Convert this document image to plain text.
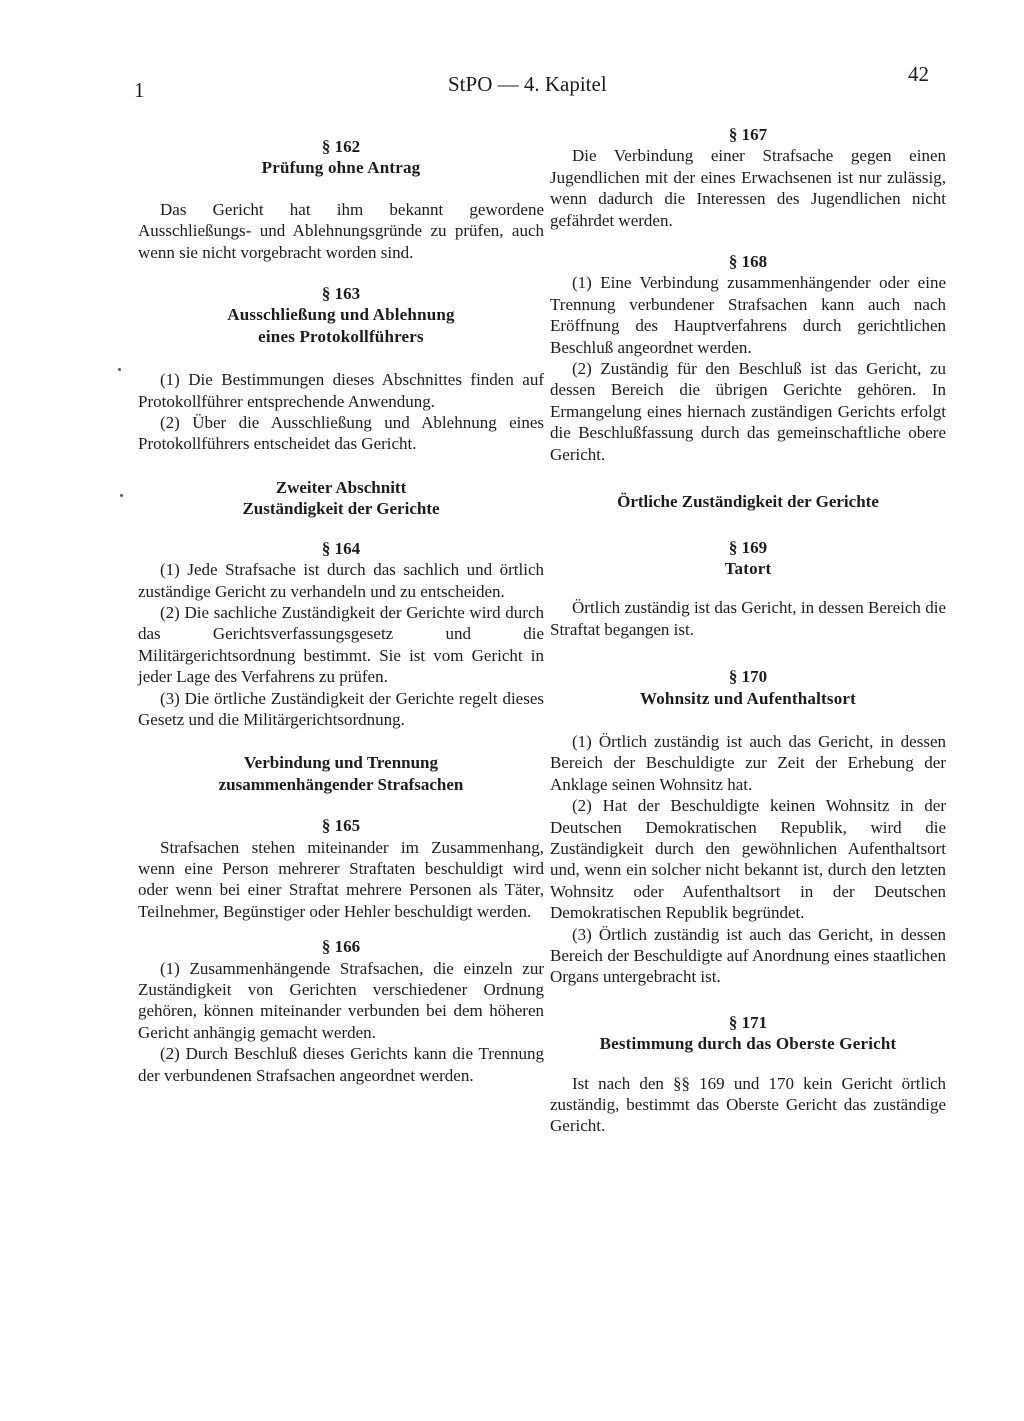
1	StPO — 4. Kapitel	42

§ 162

Prüfung ohne Antrag

Das Gericht hat ihm bekannt gewordene Ausschließungs- und Ablehnungsgründe zu prüfen, auch wenn sie nicht vorgebracht worden sind.

§ 163

Ausschließung und Ablehnung

eines Protokollführers

(1) Die Bestimmungen dieses Abschnittes finden auf Protokollführer entsprechende Anwendung.

(2) Über die Ausschließung und Ablehnung eines Protokollführers entscheidet das Gericht.

Zweiter Abschnitt
Zuständigkeit der Gerichte

§ 164

(1) Jede Strafsache ist durch das sachlich und örtlich zuständige Gericht zu verhandeln und zu entscheiden.

(2) Die sachliche Zuständigkeit der Gerichte wird durch das Gerichtsverfassungsgesetz und die Militärgerichtsordnung bestimmt. Sie ist vom Gericht in jeder Lage des Verfahrens zu prüfen.

(3) Die örtliche Zuständigkeit der Gerichte regelt dieses Gesetz und die Militärgerichtsordnung.

Verbindung und Trennung
zusammenhängender Strafsachen

§ 165

Strafsachen stehen miteinander im Zusammenhang, wenn eine Person mehrerer Straftaten beschuldigt wird oder wenn bei einer Straftat mehrere Personen als Täter, Teilnehmer, Begünstiger oder Hehler beschuldigt werden.

§ 166

(1) Zusammenhängende Strafsachen, die einzeln zur Zuständigkeit von Gerichten verschiedener Ordnung gehören, können miteinander verbunden bei dem höheren Gericht anhängig gemacht werden.

(2) Durch Beschluß dieses Gerichts kann die Trennung der verbundenen Strafsachen angeordnet werden.

§ 167

Die Verbindung einer Strafsache gegen einen Jugendlichen mit der eines Erwachsenen ist nur zulässig, wenn dadurch die Interessen des Jugendlichen nicht gefährdet werden.

§ 168

(1) Eine Verbindung zusammenhängender oder eine Trennung verbundener Strafsachen kann auch nach Eröffnung des Hauptverfahrens durch gerichtlichen Beschluß angeordnet werden.

(2) Zuständig für den Beschluß ist das Gericht, zu dessen Bereich die übrigen Gerichte gehören. In Ermangelung eines hiernach zuständigen Gerichts erfolgt die Beschlußfassung durch das gemeinschaftliche obere Gericht.

Örtliche Zuständigkeit der Gerichte

§ 169

Tatort

Örtlich zuständig ist das Gericht, in dessen Bereich die Straftat begangen ist.

§ 170

Wohnsitz und Aufenthaltsort

(1) Örtlich zuständig ist auch das Gericht, in dessen Bereich der Beschuldigte zur Zeit der Erhebung der Anklage seinen Wohnsitz hat.

(2) Hat der Beschuldigte keinen Wohnsitz in der Deutschen Demokratischen Republik, wird die Zuständigkeit durch den gewöhnlichen Aufenthaltsort und, wenn ein solcher nicht bekannt ist, durch den letzten Wohnsitz oder Aufenthaltsort in der Deutschen Demokratischen Republik begründet.

(3) Örtlich zuständig ist auch das Gericht, in dessen Bereich der Beschuldigte auf Anordnung eines staatlichen Organs untergebracht ist.

§ 171

Bestimmung durch das Oberste Gericht

Ist nach den §§ 169 und 170 kein Gericht örtlich zuständig, bestimmt das Oberste Gericht das zuständige Gericht.
